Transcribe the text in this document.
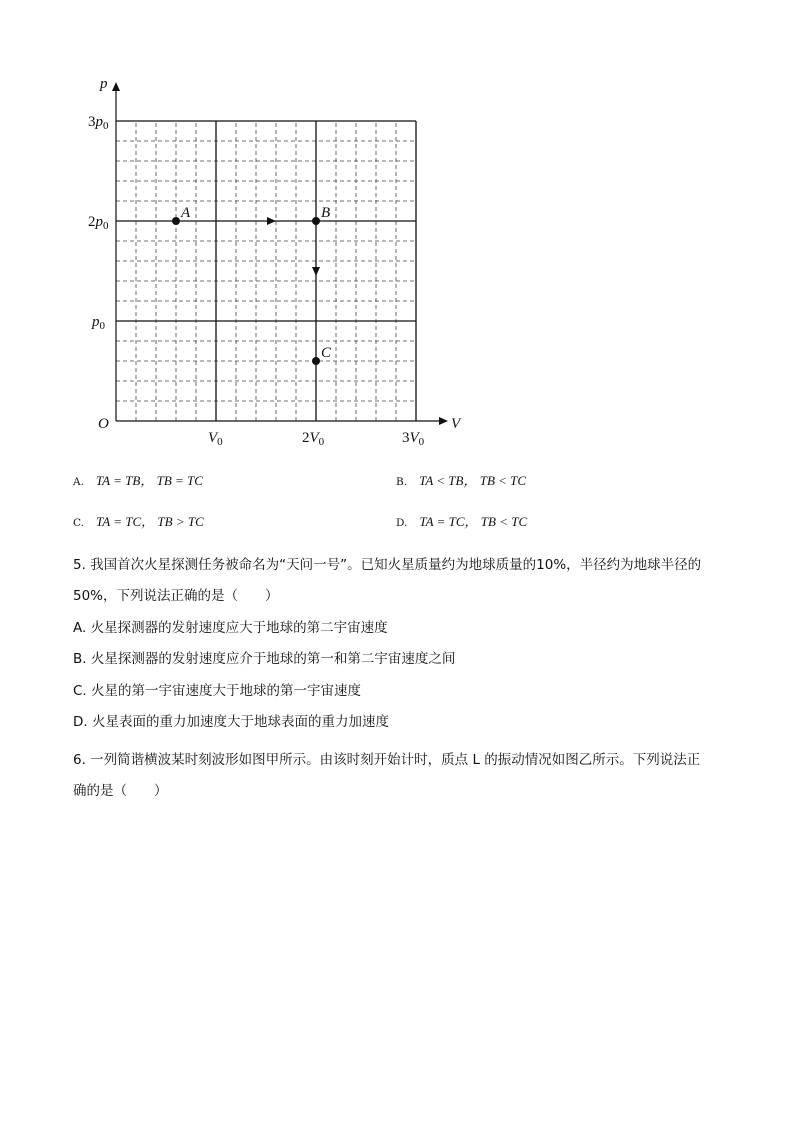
p
V
O
$3p_0$
$2p_0$
$p_0$
$V_0$	$2V_0$	$3V_0$
A	B
C
A. TA = TB， TB = TC	B. TA < TB， TB < TC
C. TA = TC， TB > TC	D. TA = TC， TB < TC
5. 我国首次火星探测任务被命名为“天问一号”。已知火星质量约为地球质量的10%，半径约为地球半径的
50%，下列说法正确的是（　　）
A. 火星探测器的发射速度应大于地球的第二宇宙速度
B. 火星探测器的发射速度应介于地球的第一和第二宇宙速度之间
C. 火星的第一宇宙速度大于地球的第一宇宙速度
D. 火星表面的重力加速度大于地球表面的重力加速度
6. 一列简谐横波某时刻波形如图甲所示。由该时刻开始计时，质点 L 的振动情况如图乙所示。下列说法正
确的是（　　）
